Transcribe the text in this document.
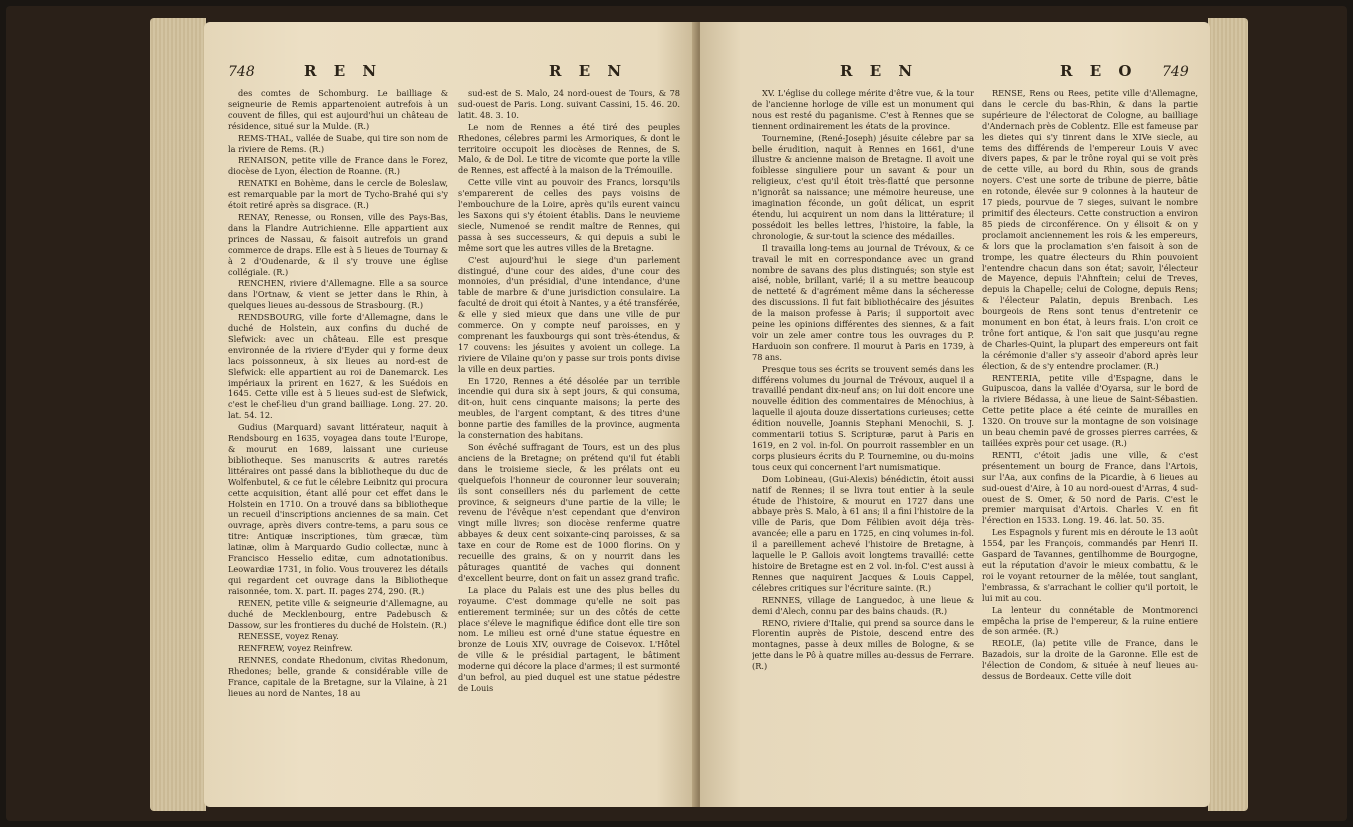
748	R E N	R E N

des comtes de Schomburg. Le bailliage & seigneurie de Remis appartenoient autrefois à un couvent de filles, qui est aujourd'hui un château de résidence, situé sur la Mulde. (R.)

REMS-THAL, vallée de Suabe, qui tire son nom de la riviere de Rems. (R.)

RENAISON, petite ville de France dans le Forez, diocèse de Lyon, élection de Roanne. (R.)

RENATKI en Bohème, dans le cercle de Boleslaw, est remarquable par la mort de Tycho-Brahé qui s'y étoit retiré après sa disgrace. (R.)

RENAY, Renesse, ou Ronsen, ville des Pays-Bas, dans la Flandre Autrichienne. Elle appartient aux princes de Nassau, & faisoit autrefois un grand commerce de draps. Elle est à 5 lieues de Tournay & à 2 d'Oudenarde, & il s'y trouve une église collégiale. (R.)

RENCHEN, riviere d'Allemagne. Elle a sa source dans l'Ortnaw, & vient se jetter dans le Rhin, à quelques lieues au-dessous de Strasbourg. (R.)

RENDSBOURG, ville forte d'Allemagne, dans le duché de Holstein, aux confins du duché de Slefwick: avec un château. Elle est presque environnée de la riviere d'Eyder qui y forme deux lacs poissonneux, à six lieues au nord-est de Slefwick: elle appartient au roi de Danemarck. Les impériaux la prirent en 1627, & les Suédois en 1645. Cette ville est à 5 lieues sud-est de Slefwick, c'est le chef-lieu d'un grand bailliage. Long. 27. 20. lat. 54. 12.

Gudius (Marquard) savant littérateur, naquit à Rendsbourg en 1635, voyagea dans toute l'Europe, & mourut en 1689, laissant une curieuse bibliotheque. Ses manuscrits & autres raretés littéraires ont passé dans la bibliotheque du duc de Wolfenbutel, & ce fut le célebre Leibnitz qui procura cette acquisition, étant allé pour cet effet dans le Holstein en 1710. On a trouvé dans sa bibliotheque un recueil d'inscriptions anciennes de sa main. Cet ouvrage, après divers contre-tems, a paru sous ce titre: Antiquæ inscriptiones, tùm græcæ, tùm latinæ, olim à Marquardo Gudio collectæ, nunc à Francisco Hesselio editæ, cum adnotationibus. Leowardiæ 1731, in folio. Vous trouverez les détails qui regardent cet ouvrage dans la Bibliotheque raisonnée, tom. X. part. II. pages 274, 290. (R.)

RENEN, petite ville & seigneurie d'Allemagne, au duché de Mecklenbourg, entre Padebusch & Dassow, sur les frontieres du duché de Holstein. (R.)

RENESSE, voyez Renay.

RENFREW, voyez Reinfrew.

RENNES, condate Rhedonum, civitas Rhedonum, Rhedones; belle, grande & considérable ville de France, capitale de la Bretagne, sur la Vilaine, à 21 lieues au nord de Nantes, 18 au

sud-est de S. Malo, 24 nord-ouest de Tours, & 78 sud-ouest de Paris. Long. suivant Cassini, 15. 46. 20. latit. 48. 3. 10.

Le nom de Rennes a été tiré des peuples Rhedones, célebres parmi les Armoriques, & dont le territoire occupoit les diocèses de Rennes, de S. Malo, & de Dol. Le titre de vicomte que porte la ville de Rennes, est affecté à la maison de la Trémouille.

Cette ville vint au pouvoir des Francs, lorsqu'ils s'emparerent de celles des pays voisins de l'embouchure de la Loire, après qu'ils eurent vaincu les Saxons qui s'y étoient établis. Dans le neuvieme siecle, Numenoé se rendit maître de Rennes, qui passa à ses successeurs, & qui depuis a subi le même sort que les autres villes de la Bretagne.

C'est aujourd'hui le siege d'un parlement distingué, d'une cour des aides, d'une cour des monnoies, d'un présidial, d'une intendance, d'une table de marbre & d'une jurisdiction consulaire. La faculté de droit qui étoit à Nantes, y a été transférée, & elle y sied mieux que dans une ville de pur commerce. On y compte neuf paroisses, en y comprenant les fauxbourgs qui sont très-étendus, & 17 couvens: les jésuites y avoient un college. La riviere de Vilaine qu'on y passe sur trois ponts divise la ville en deux parties.

En 1720, Rennes a été désolée par un terrible incendie qui dura six à sept jours, & qui consuma, dit-on, huit cens cinquante maisons; la perte des meubles, de l'argent comptant, & des titres d'une bonne partie des familles de la province, augmenta la consternation des habitans.

Son évêché suffragant de Tours, est un des plus anciens de la Bretagne; on prétend qu'il fut établi dans le troisieme siecle, & les prélats ont eu quelquefois l'honneur de couronner leur souverain; ils sont conseillers nés du parlement de cette province, & seigneurs d'une partie de la ville; le revenu de l'évêque n'est cependant que d'environ vingt mille livres; son diocèse renferme quatre abbayes & deux cent soixante-cinq paroisses, & sa taxe en cour de Rome est de 1000 florins. On y recueille des grains, & on y nourrit dans les pâturages quantité de vaches qui donnent d'excellent beurre, dont on fait un assez grand trafic.

La place du Palais est une des plus belles du royaume. C'est dommage qu'elle ne soit pas entierement terminée; sur un des côtés de cette place s'éleve le magnifique édifice dont elle tire son nom. Le milieu est orné d'une statue équestre en bronze de Louis XIV, ouvrage de Coisevox. L'Hôtel de ville & le présidial partagent, le bâtiment moderne qui décore la place d'armes; il est surmonté d'un befrol, au pied duquel est une statue pédestre de Louis

R E N	R E O 749

XV. L'église du college mérite d'être vue, & la tour de l'ancienne horloge de ville est un monument qui nous est resté du paganisme. C'est à Rennes que se tiennent ordinairement les états de la province.

Tournemine, (René-Joseph) jésuite célebre par sa belle érudition, naquit à Rennes en 1661, d'une illustre & ancienne maison de Bretagne. Il avoit une foiblesse singuliere pour un savant & pour un religieux, c'est qu'il étoit très-flatté que personne n'ignorât sa naissance; une mémoire heureuse, une imagination féconde, un goût délicat, un esprit étendu, lui acquirent un nom dans la littérature; il possédoit les belles lettres, l'histoire, la fable, la chronologie, & sur-tout la science des médailles.

Il travailla long-tems au journal de Trévoux, & ce travail le mit en correspondance avec un grand nombre de savans des plus distingués; son style est aisé, noble, brillant, varié; il a su mettre beaucoup de netteté & d'agrément même dans la sécheresse des discussions. Il fut fait bibliothécaire des jésuites de la maison professe à Paris; il supportoit avec peine les opinions différentes des siennes, & a fait voir un zele amer contre tous les ouvrages du P. Harduoin son confrere. Il mourut à Paris en 1739, à 78 ans.

Presque tous ses écrits se trouvent semés dans les différens volumes du journal de Trévoux, auquel il a travaillé pendant dix-neuf ans; on lui doit encore une nouvelle édition des commentaires de Ménochius, à laquelle il ajouta douze dissertations curieuses; cette édition nouvelle, Joannis Stephani Menochii, S. J. commentarii totius S. Scripturæ, parut à Paris en 1619, en 2 vol. in-fol. On pourroit rassembler en un corps plusieurs écrits du P. Tournemine, ou du-moins tous ceux qui concernent l'art numismatique.

Dom Lobineau, (Gui-Alexis) bénédictin, étoit aussi natif de Rennes; il se livra tout entier à la seule étude de l'histoire, & mourut en 1727 dans une abbaye près S. Malo, à 61 ans; il a fini l'histoire de la ville de Paris, que Dom Félibien avoit déja très-avancée; elle a paru en 1725, en cinq volumes in-fol. il a pareillement achevé l'histoire de Bretagne, à laquelle le P. Gallois avoit longtems travaillé: cette histoire de Bretagne est en 2 vol. in-fol. C'est aussi à Rennes que naquirent Jacques & Louis Cappel, célebres critiques sur l'écriture sainte. (R.)

RENNES, village de Languedoc, à une lieue & demi d'Alech, connu par des bains chauds. (R.)

RENO, riviere d'Italie, qui prend sa source dans le Florentin auprès de Pistoie, descend entre des montagnes, passe à deux milles de Bologne, & se jette dans le Pô à quatre milles au-dessus de Ferrare. (R.)

RENSE, Rens ou Rees, petite ville d'Allemagne, dans le cercle du bas-Rhin, & dans la partie supérieure de l'électorat de Cologne, au bailliage d'Andernach près de Coblentz. Elle est fameuse par les dietes qui s'y tinrent dans le XIVe siecle, au tems des différends de l'empereur Louis V avec divers papes, & par le trône royal qui se voit près de cette ville, au bord du Rhin, sous de grands noyers. C'est une sorte de tribune de pierre, bâtie en rotonde, élevée sur 9 colonnes à la hauteur de 17 pieds, pourvue de 7 sieges, suivant le nombre primitif des électeurs. Cette construction a environ 85 pieds de circonférence. On y élisoit & on y proclamoit anciennement les rois & les empereurs, & lors que la proclamation s'en faisoit à son de trompe, les quatre électeurs du Rhin pouvoient l'entendre chacun dans son état; savoir, l'électeur de Mayence, depuis l'Ahnftein; celui de Treves, depuis la Chapelle; celui de Cologne, depuis Rens; & l'électeur Palatin, depuis Brenbach. Les bourgeois de Rens sont tenus d'entretenir ce monument en bon état, à leurs frais. L'on croit ce trône fort antique, & l'on sait que jusqu'au regne de Charles-Quint, la plupart des empereurs ont fait la cérémonie d'aller s'y asseoir d'abord après leur élection, & de s'y entendre proclamer. (R.)

RENTERIA, petite ville d'Espagne, dans le Guipuscoa, dans la vallée d'Oyarsa, sur le bord de la riviere Bédassa, à une lieue de Saint-Sébastien. Cette petite place a été ceinte de murailles en 1320. On trouve sur la montagne de son voisinage un beau chemin pavé de grosses pierres carrées, & taillées exprès pour cet usage. (R.)

RENTI, c'étoit jadis une ville, & c'est présentement un bourg de France, dans l'Artois, sur l'Aa, aux confins de la Picardie, à 6 lieues au sud-ouest d'Aire, à 10 au nord-ouest d'Arras, 4 sud-ouest de S. Omer, & 50 nord de Paris. C'est le premier marquisat d'Artois. Charles V. en fit l'érection en 1533. Long. 19. 46. lat. 50. 35.

Les Espagnols y furent mis en déroute le 13 août 1554, par les François, commandés par Henri II. Gaspard de Tavannes, gentilhomme de Bourgogne, eut la réputation d'avoir le mieux combattu, & le roi le voyant retourner de la mêlée, tout sanglant, l'embrassa, & s'arrachant le collier qu'il portoit, le lui mit au cou.

La lenteur du connétable de Montmorenci empêcha la prise de l'empereur, & la ruine entiere de son armée. (R.)

REOLE, (la) petite ville de France, dans le Bazadois, sur la droite de la Garonne. Elle est de l'élection de Condom, & située à neuf lieues au-dessus de Bordeaux. Cette ville doit
